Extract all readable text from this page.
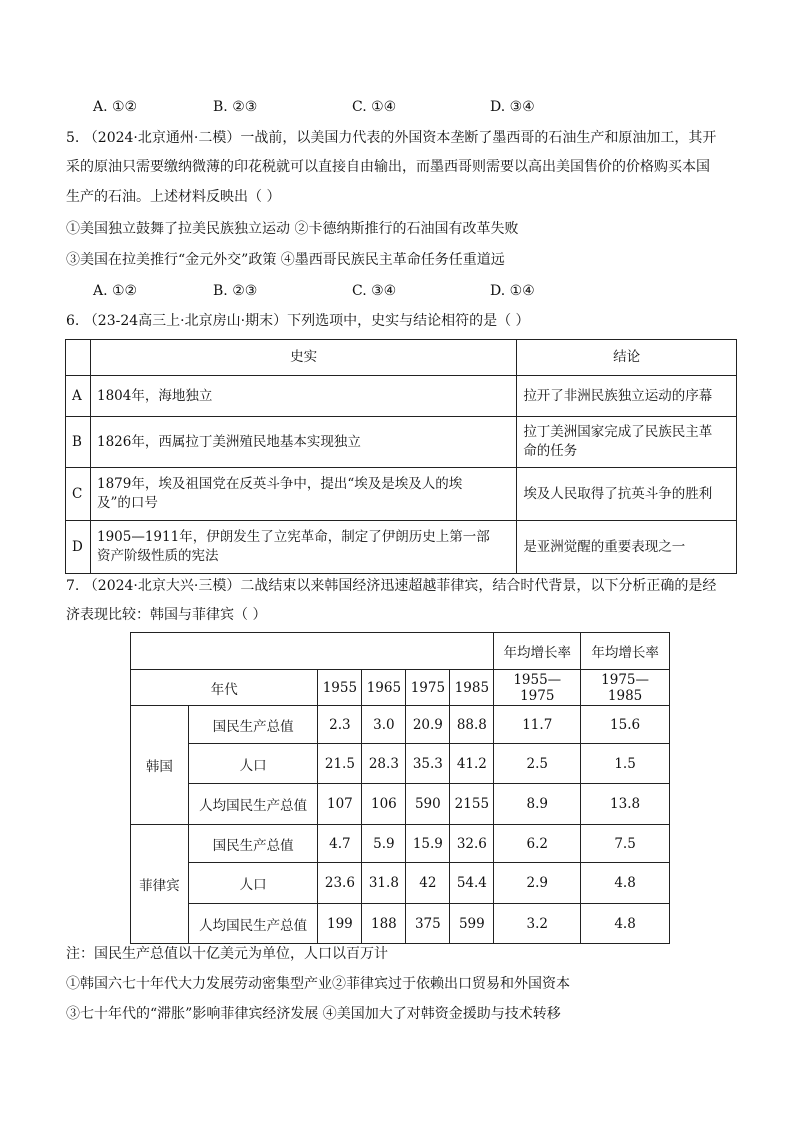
A. ①②	B. ②③	C. ①④	D. ③④
5. （2024·北京通州·二模）一战前，以美国力代表的外国资本垄断了墨西哥的石油生产和原油加工，其开
采的原油只需要缴纳微薄的印花税就可以直接自由输出，而墨西哥则需要以高出美国售价的价格购买本国
生产的石油。上述材料反映出（ ）
①美国独立鼓舞了拉美民族独立运动 ②卡德纳斯推行的石油国有改革失败
③美国在拉美推行“金元外交”政策 ④墨西哥民族民主革命任务任重道远
A. ①②	B. ②③	C. ③④	D. ①④
6. （23-24高三上·北京房山·期末）下列选项中，史实与结论相符的是（ ）
	史实	结论
A	1804年，海地独立	拉开了非洲民族独立运动的序幕
B	1826年，西属拉丁美洲殖民地基本实现独立	拉丁美洲国家完成了民族民主革
命的任务
C	1879年，埃及祖国党在反英斗争中，提出“埃及是埃及人的埃
及”的口号	埃及人民取得了抗英斗争的胜利
D	1905—1911年，伊朗发生了立宪革命，制定了伊朗历史上第一部
资产阶级性质的宪法	是亚洲觉醒的重要表现之一
7. （2024·北京大兴·三模）二战结束以来韩国经济迅速超越菲律宾，结合时代背景，以下分析正确的是经
济表现比较：韩国与菲律宾（ ）
						年均增长率	年均增长率
年代		1955	1965	1975	1985	1955—1975	1975—1985
韩国	国民生产总值	2.3	3.0	20.9	88.8	11.7	15.6
	人口	21.5	28.3	35.3	41.2	2.5	1.5
	人均国民生产总值	107	106	590	2155	8.9	13.8
菲律宾	国民生产总值	4.7	5.9	15.9	32.6	6.2	7.5
	人口	23.6	31.8	42	54.4	2.9	4.8
	人均国民生产总值	199	188	375	599	3.2	4.8
注：国民生产总值以十亿美元为单位，人口以百万计
①韩国六七十年代大力发展劳动密集型产业②菲律宾过于依赖出口贸易和外国资本
③七十年代的“滞胀”影响菲律宾经济发展 ④美国加大了对韩资金援助与技术转移
